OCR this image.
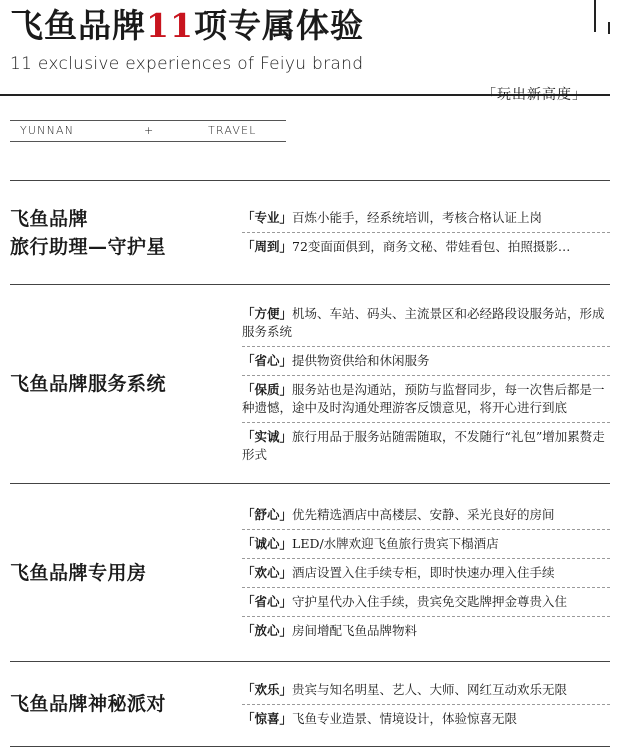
飞鱼品牌11项专属体验
11 exclusive experiences of Feiyu brand
「玩出新高度」
YUNNAN	+	TRAVEL
飞鱼品牌
旅行助理—守护星
「专业」百炼小能手，经系统培训，考核合格认证上岗
「周到」72变面面俱到，商务文秘、带娃看包、拍照摄影…
飞鱼品牌服务系统
「方便」机场、车站、码头、主流景区和必经路段设服务站，形成服务系统
「省心」提供物资供给和休闲服务
「保质」服务站也是沟通站，预防与监督同步，每一次售后都是一种遗憾，途中及时沟通处理游客反馈意见，将开心进行到底
「实诚」旅行用品于服务站随需随取，不发随行“礼包”增加累赘走形式
飞鱼品牌专用房
「舒心」优先精选酒店中高楼层、安静、采光良好的房间
「诚心」LED/水牌欢迎飞鱼旅行贵宾下榻酒店
「欢心」酒店设置入住手续专柜，即时快速办理入住手续
「省心」守护星代办入住手续，贵宾免交匙牌押金尊贵入住
「放心」房间增配飞鱼品牌物料
飞鱼品牌神秘派对
「欢乐」贵宾与知名明星、艺人、大师、网红互动欢乐无限
「惊喜」飞鱼专业造景、情境设计，体验惊喜无限
